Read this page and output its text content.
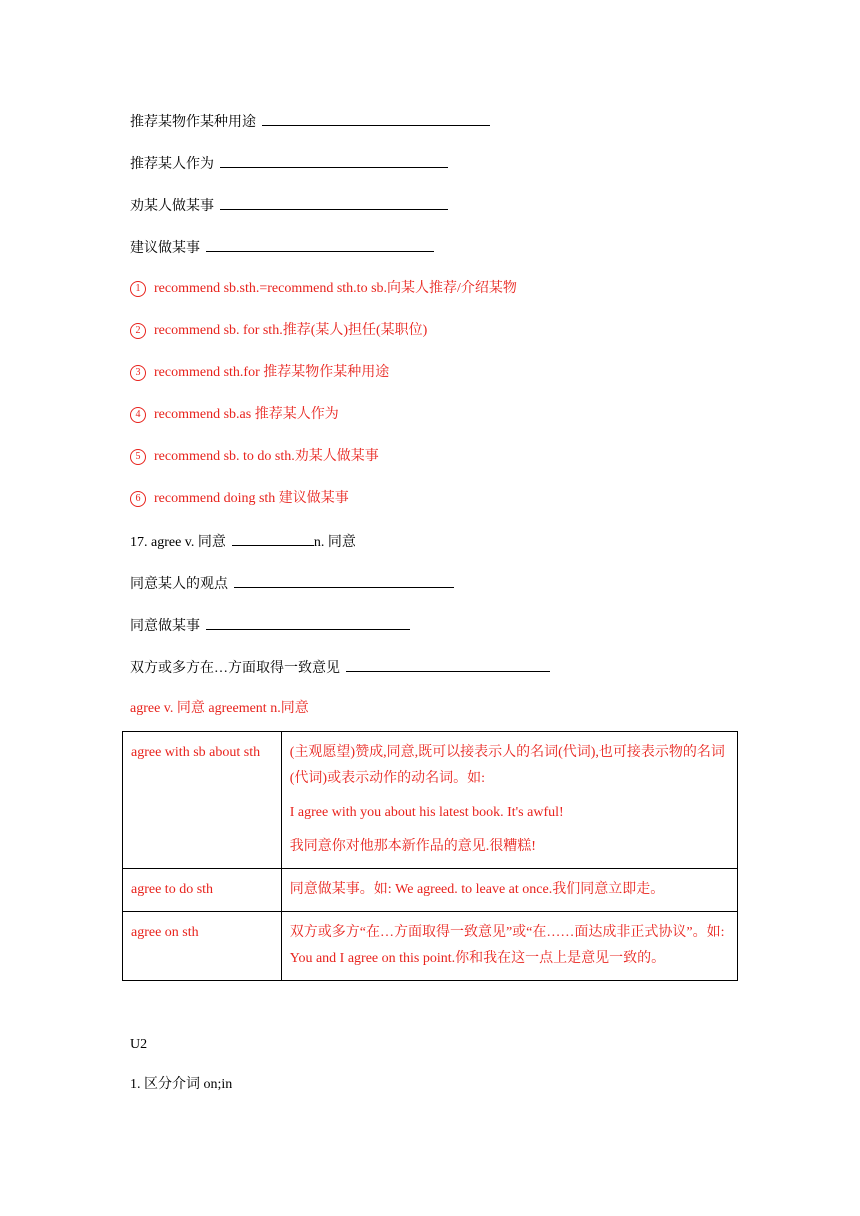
推荐某物作某种用途
推荐某人作为
劝某人做某事
建议做某事
1 recommend sb.sth.=recommend sth.to sb.向某人推荐/介绍某物
2 recommend sb. for sth.推荐(某人)担任(某职位)
3 recommend sth.for 推荐某物作某种用途
4 recommend sb.as 推荐某人作为
5 recommend sb. to do sth.劝某人做某事
6 recommend doing sth 建议做某事
17. agree v. 同意	n. 同意
同意某人的观点
同意做某事
双方或多方在…方面取得一致意见
agree v. 同意 agreement n.同意
agree with sb about sth	(主观愿望)赞成,同意,既可以接表示人的名词(代词),也可接表示物的名词(代词)或表示动作的动名词。如:

I agree with you about his latest book. It's awful!

我同意你对他那本新作品的意见.很糟糕!

agree to do sth	同意做某事。如: We agreed. to leave at once.我们同意立即走。

agree on sth	双方或多方“在…方面取得一致意见”或“在……面达成非正式协议”。如: You and I agree on this point.你和我在这一点上是意见一致的。

U2
1. 区分介词 on;in
